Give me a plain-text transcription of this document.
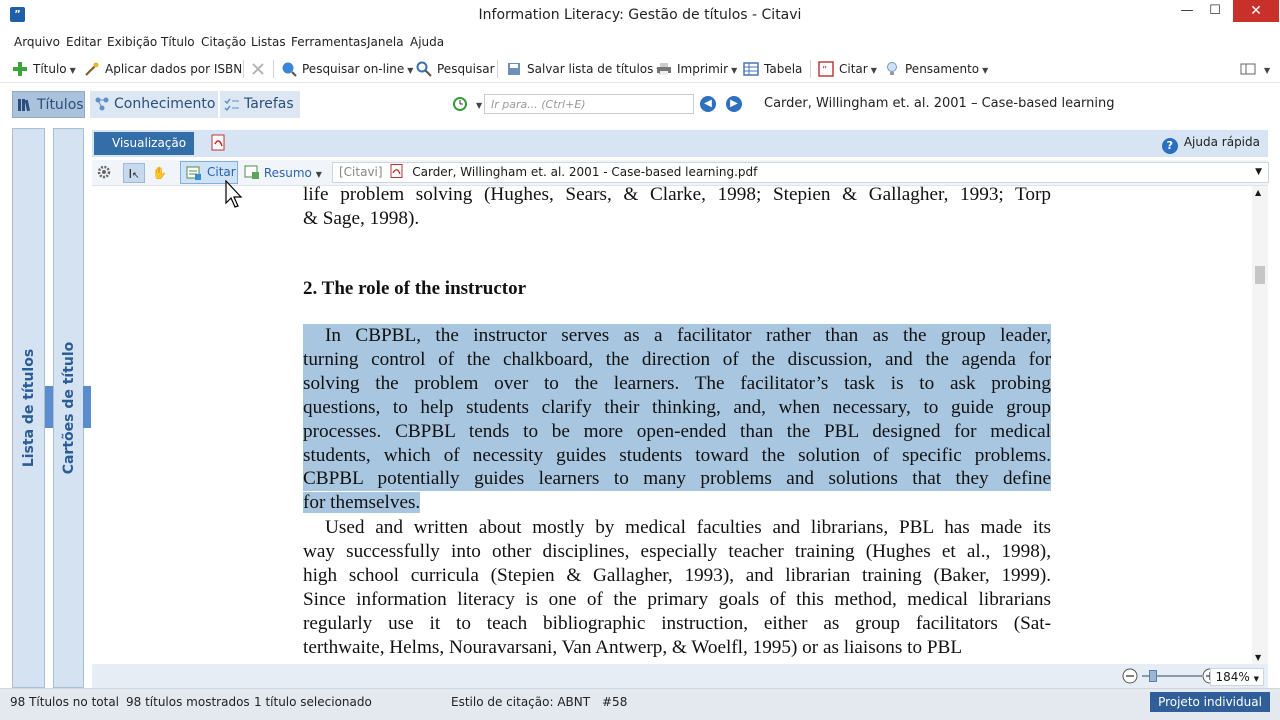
”	Information Literacy: Gestão de títulos - Citavi	—	☐	✕
Arquivo Editar Exibição Título Citação Listas Ferramentas Janela Ajuda
Título ▼	Aplicar dados por ISBN	Pesquisar on-line ▼	Pesquisar	Salvar lista de títulos	Imprimir ▼	Tabela ” Citar ▼	Pensamento ▼	▼
Títulos	Conhecimento	Tarefas	▼ Ir para... (Ctrl+E)	◀	▶	Carder, Willingham et. al. 2001 – Case-based learning
Lista de títulos Cartões de título
Visualização	? Ajuda rápida
I↖	✋	Citar	Resumo ▼	[Citavi] Carder, Willingham et. al. 2001 - Case-based learning.pdf	▼
life problem solving (Hughes, Sears, & Clarke, 1998; Stepien & Gallagher, 1993; Torp
& Sage, 1998).
2. The role of the instructor
In CBPBL, the instructor serves as a facilitator rather than as the group leader,
turning control of the chalkboard, the direction of the discussion, and the agenda for
solving the problem over to the learners. The facilitator’s task is to ask probing
questions, to help students clarify their thinking, and, when necessary, to guide group
processes. CBPBL tends to be more open-ended than the PBL designed for medical
students, which of necessity guides students toward the solution of specific problems.
CBPBL potentially guides learners to many problems and solutions that they define
for themselves.
Used and written about mostly by medical faculties and librarians, PBL has made its
way successfully into other disciplines, especially teacher training (Hughes et al., 1998),
high school curricula (Stepien & Gallagher, 1993), and librarian training (Baker, 1999).
Since information literacy is one of the primary goals of this method, medical librarians
regularly use it to teach bibliographic instruction, either as group facilitators (Sat-
terthwaite, Helms, Nouravarsani, Van Antwerp, & Woelfl, 1995) or as liaisons to PBL
▲
▼
184% ▼
98 Títulos no total 98 títulos mostrados 1 título selecionado	Estilo de citação: ABNT #58	Projeto individual
